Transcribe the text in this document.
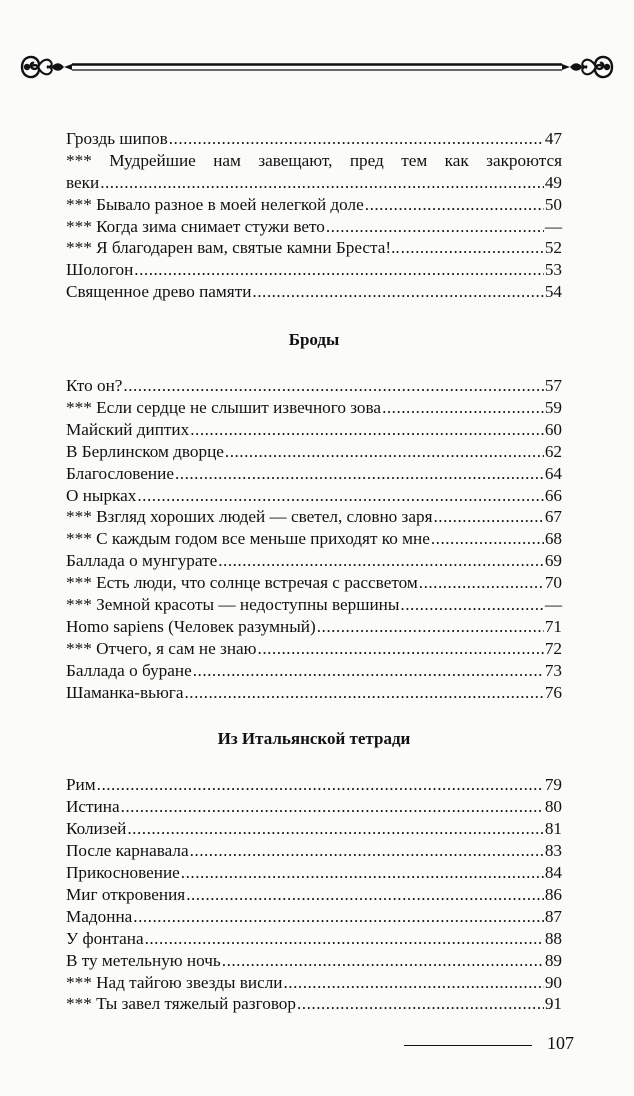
Гроздь шипов .....	47
*** Мудрейшие нам завещают, пред тем как закроются
веки .....	49
*** Бывало разное в моей нелегкой доле .....	50
*** Когда зима снимает стужи вето .....	—
*** Я благодарен вам, святые камни Бреста!.. .....	52
Шологон .....	53
Священное древо памяти .....	54
Броды
Кто он? .....	57
*** Если сердце не слышит извечного зова .....	59
Майский диптих .....	60
В Берлинском дворце .....	62
Благословение .....	64
О нырках .....	66
*** Взгляд хороших людей — светел, словно заря .....	67
*** С каждым годом все меньше приходят ко мне .....	68
Баллада о мунгурате .....	69
*** Есть люди, что солнце встречая с рассветом .....	70
*** Земной красоты — недоступны вершины .....	—
Homo sapiens (Человек разумный) .....	71
*** Отчего, я сам не знаю .....	72
Баллада о буране .....	73
Шаманка-вьюга .....	76
Из Итальянской тетради
Рим .....	79
Истина .....	80
Колизей .....	81
После карнавала .....	83
Прикосновение .....	84
Миг откровения .....	86
Мадонна .....	87
У фонтана .....	88
В ту метельную ночь .....	89
*** Над тайгою звезды висли .....	90
*** Ты завел тяжелый разговор .....	91
107
